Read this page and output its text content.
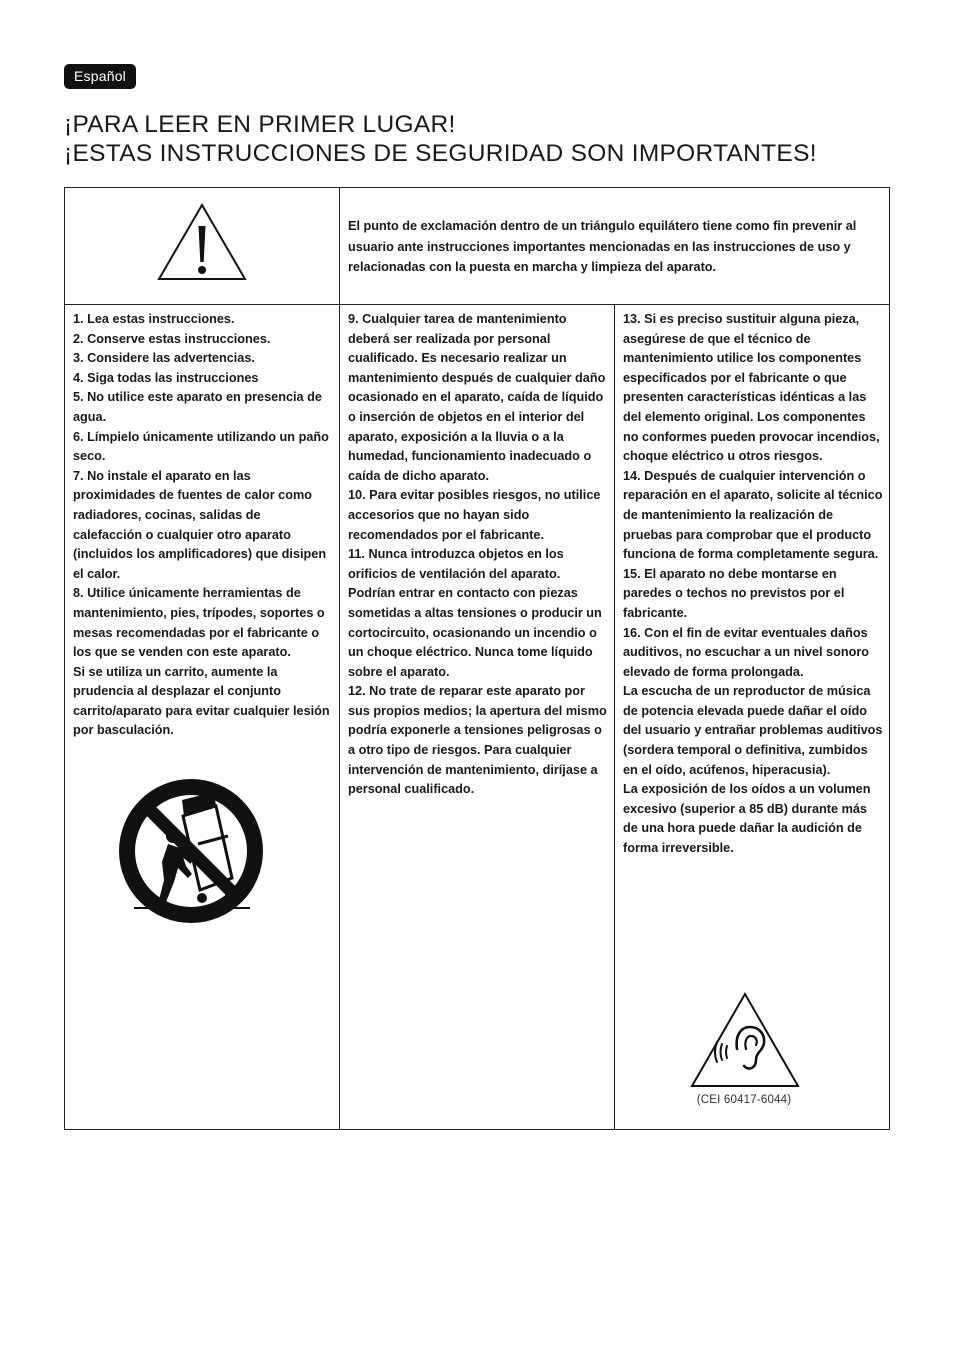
Español
¡PARA LEER EN PRIMER LUGAR!
¡ESTAS INSTRUCCIONES DE SEGURIDAD SON IMPORTANTES!
El punto de exclamación dentro de un triángulo equilátero tiene como fin prevenir al usuario ante instrucciones importantes mencionadas en las instrucciones de uso y relacionadas con la puesta en marcha y limpieza del aparato.

1. Lea estas instrucciones.

2. Conserve estas instrucciones.

3. Considere las advertencias.

4. Siga todas las instrucciones

5. No utilice este aparato en presencia de agua.

6. Límpielo únicamente utilizando un paño seco.

7. No instale el aparato en las proximidades de fuentes de calor como radiadores, cocinas, salidas de calefacción o cualquier otro aparato (incluidos los amplificadores) que disipen el calor.

8. Utilice únicamente herramientas de mantenimiento, pies, trípodes, soportes o mesas recomendadas por el fabricante o los que se venden con este aparato.

Si se utiliza un carrito, aumente la prudencia al desplazar el conjunto carrito/aparato para evitar cualquier lesión por basculación.

9. Cualquier tarea de mantenimiento deberá ser realizada por personal cualificado. Es necesario realizar un mantenimiento después de cualquier daño ocasionado en el aparato, caída de líquido o inserción de objetos en el interior del aparato, exposición a la lluvia o a la humedad, funcionamiento inadecuado o caída de dicho aparato.

10. Para evitar posibles riesgos, no utilice accesorios que no hayan sido recomendados por el fabricante.

11. Nunca introduzca objetos en los orificios de ventilación del aparato. Podrían entrar en contacto con piezas sometidas a altas tensiones o producir un cortocircuito, ocasionando un incendio o un choque eléctrico. Nunca tome líquido sobre el aparato.

12. No trate de reparar este aparato por sus propios medios; la apertura del mismo podría exponerle a tensiones peligrosas o a otro tipo de riesgos. Para cualquier intervención de mantenimiento, diríjase a personal cualificado.

13. Si es preciso sustituir alguna pieza, asegúrese de que el técnico de mantenimiento utilice los componentes especificados por el fabricante o que presenten características idénticas a las del elemento original. Los componentes no conformes pueden provocar incendios, choque eléctrico u otros riesgos.

14. Después de cualquier intervención o reparación en el aparato, solicite al técnico de mantenimiento la realización de pruebas para comprobar que el producto funciona de forma completamente segura.

15. El aparato no debe montarse en paredes o techos no previstos por el fabricante.

16. Con el fin de evitar eventuales daños auditivos, no escuchar a un nivel sonoro elevado de forma prolongada.

La escucha de un reproductor de música de potencia elevada puede dañar el oído del usuario y entrañar problemas auditivos (sordera temporal o definitiva, zumbidos en el oído, acúfenos, hiperacusia).

La exposición de los oídos a un volumen excesivo (superior a 85 dB) durante más de una hora puede dañar la audición de forma irreversible.

(CEI 60417-6044)
